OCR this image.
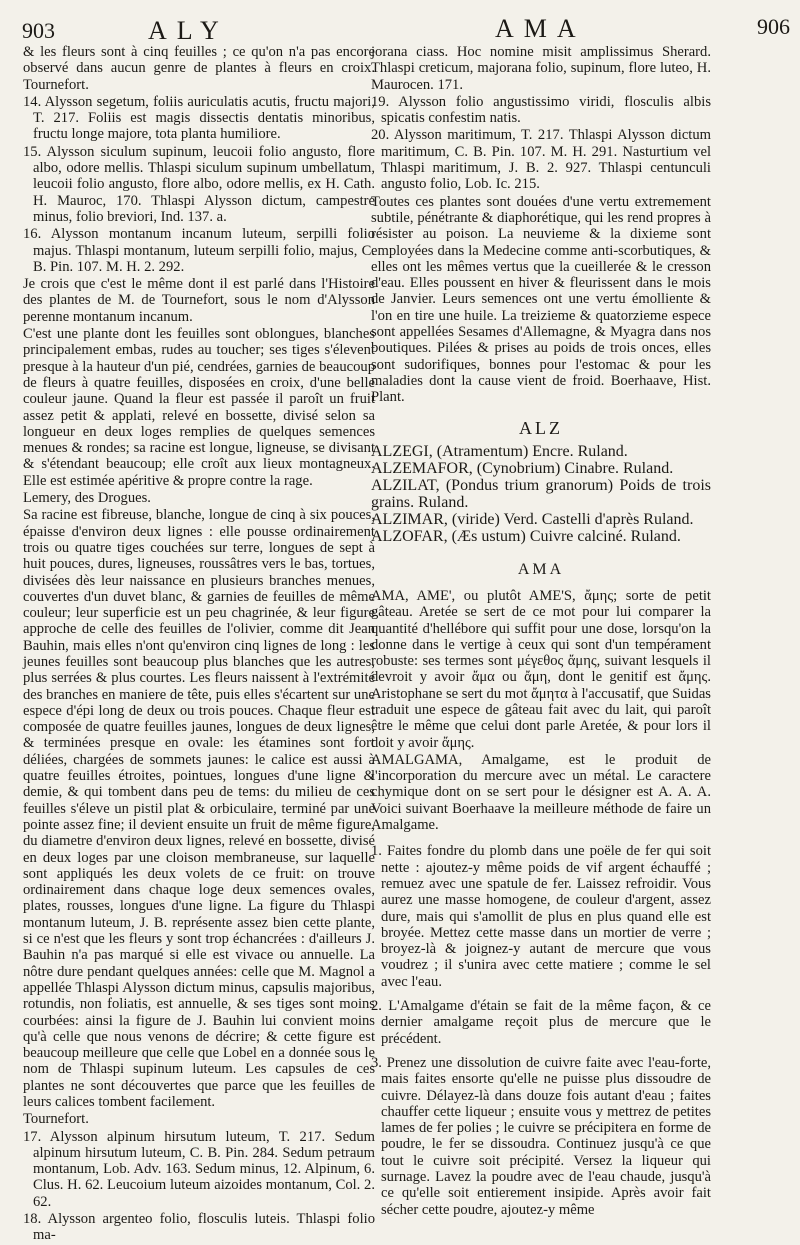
903	ALY	AMA	906

& les fleurs sont à cinq feuilles ; ce qu'on n'a pas encore observé dans aucun genre de plantes à fleurs en croix. Tournefort.

14. Alysson segetum, foliis auriculatis acutis, fructu majori, T. 217. Foliis est magis dissectis dentatis minoribus, fructu longe majore, tota planta humiliore.

15. Alysson siculum supinum, leucoii folio angusto, flore albo, odore mellis. Thlaspi siculum supinum umbellatum, leucoii folio angusto, flore albo, odore mellis, ex H. Cath. H. Mauroc, 170. Thlaspi Alysson dictum, campestre minus, folio breviori, Ind. 137. a.

16. Alysson montanum incanum luteum, serpilli folio majus. Thlaspi montanum, luteum serpilli folio, majus, C. B. Pin. 107. M. H. 2. 292.

Je crois que c'est le même dont il est parlé dans l'Histoire des plantes de M. de Tournefort, sous le nom d'Alysson perenne montanum incanum.

C'est une plante dont les feuilles sont oblongues, blanches principalement embas, rudes au toucher; ses tiges s'élevent presque à la hauteur d'un pié, cendrées, garnies de beaucoup de fleurs à quatre feuilles, disposées en croix, d'une belle couleur jaune. Quand la fleur est passée il paroît un fruit assez petit & applati, relevé en bossette, divisé selon sa longueur en deux loges remplies de quelques semences menues & rondes; sa racine est longue, ligneuse, se divisant & s'étendant beaucoup; elle croît aux lieux montagneux. Elle est estimée apéritive & propre contre la rage.

Lemery, des Drogues.

Sa racine est fibreuse, blanche, longue de cinq à six pouces, épaisse d'environ deux lignes : elle pousse ordinairement trois ou quatre tiges couchées sur terre, longues de sept à huit pouces, dures, ligneuses, roussâtres vers le bas, tortues, divisées dès leur naissance en plusieurs branches menues, couvertes d'un duvet blanc, & garnies de feuilles de même couleur; leur superficie est un peu chagrinée, & leur figure approche de celle des feuilles de l'olivier, comme dit Jean Bauhin, mais elles n'ont qu'environ cinq lignes de long : les jeunes feuilles sont beaucoup plus blanches que les autres, plus serrées & plus courtes. Les fleurs naissent à l'extrémité des branches en maniere de tête, puis elles s'écartent sur une espece d'épi long de deux ou trois pouces. Chaque fleur est composée de quatre feuilles jaunes, longues de deux lignes, & terminées presque en ovale: les étamines sont fort déliées, chargées de sommets jaunes: le calice est aussi à quatre feuilles étroites, pointues, longues d'une ligne & demie, & qui tombent dans peu de tems: du milieu de ces feuilles s'éleve un pistil plat & orbiculaire, terminé par une pointe assez fine; il devient ensuite un fruit de même figure, du diametre d'environ deux lignes, relevé en bossette, divisé en deux loges par une cloison membraneuse, sur laquelle sont appliqués les deux volets de ce fruit: on trouve ordinairement dans chaque loge deux semences ovales, plates, rousses, longues d'une ligne. La figure du Thlaspi montanum luteum, J. B. représente assez bien cette plante, si ce n'est que les fleurs y sont trop échancrées : d'ailleurs J. Bauhin n'a pas marqué si elle est vivace ou annuelle. La nôtre dure pendant quelques années: celle que M. Magnol a appellée Thlaspi Alysson dictum minus, capsulis majoribus, rotundis, non foliatis, est annuelle, & ses tiges sont moins courbées: ainsi la figure de J. Bauhin lui convient moins qu'à celle que nous venons de décrire; & cette figure est beaucoup meilleure que celle que Lobel en a donnée sous le nom de Thlaspi supinum luteum. Les capsules de ces plantes ne sont découvertes que parce que les feuilles de leurs calices tombent facilement.

Tournefort.

17. Alysson alpinum hirsutum luteum, T. 217. Sedum alpinum hirsutum luteum, C. B. Pin. 284. Sedum petraum montanum, Lob. Adv. 163. Sedum minus, 12. Alpinum, 6. Clus. H. 62. Leucoium luteum aizoides montanum, Col. 2. 62.

18. Alysson argenteo folio, flosculis luteis. Thlaspi folio ma-

jorana ciass. Hoc nomine misit amplissimus Sherard. Thlaspi creticum, majorana folio, supinum, flore luteo, H. Maurocen. 171.

19. Alysson folio angustissimo viridi, flosculis albis spicatis confestim natis.

20. Alysson maritimum, T. 217. Thlaspi Alysson dictum maritimum, C. B. Pin. 107. M. H. 291. Nasturtium vel Thlaspi maritimum, J. B. 2. 927. Thlaspi centunculi angusto folio, Lob. Ic. 215.

Toutes ces plantes sont douées d'une vertu extremement subtile, pénétrante & diaphorétique, qui les rend propres à résister au poison. La neuvieme & la dixieme sont employées dans la Medecine comme anti-scorbutiques, & elles ont les mêmes vertus que la cueillerée & le cresson d'eau. Elles poussent en hiver & fleurissent dans le mois de Janvier. Leurs semences ont une vertu émolliente & l'on en tire une huile. La treizieme & quatorzieme espece sont appellées Sesames d'Allemagne, & Myagra dans nos boutiques. Pilées & prises au poids de trois onces, elles sont sudorifiques, bonnes pour l'estomac & pour les maladies dont la cause vient de froid. Boerhaave, Hist. Plant.

ALZ

ALZEGI, (Atramentum) Encre. Ruland.

ALZEMAFOR, (Cynobrium) Cinabre. Ruland.

ALZILAT, (Pondus trium granorum) Poids de trois grains. Ruland.

ALZIMAR, (viride) Verd. Castelli d'après Ruland.

ALZOFAR, (Æs ustum) Cuivre calciné. Ruland.

AMA

AMA, AME', ou plutôt AME'S, ἄμης; sorte de petit gâteau. Aretée se sert de ce mot pour lui comparer la quantité d'hellébore qui suffit pour une dose, lorsqu'on la donne dans le vertige à ceux qui sont d'un tempérament robuste: ses termes sont μέγεθος ἄμης, suivant lesquels il devroit y avoir ἄμα ou ἄμη, dont le genitif est ἄμης. Aristophane se sert du mot ἄμητα à l'accusatif, que Suidas traduit une espece de gâteau fait avec du lait, qui paroît être le même que celui dont parle Aretée, & pour lors il doit y avoir ἄμης.

AMALGAMA, Amalgame, est le produit de l'incorporation du mercure avec un métal. Le caractere chymique dont on se sert pour le désigner est A. A. A. Voici suivant Boerhaave la meilleure méthode de faire un Amalgame.

1. Faites fondre du plomb dans une poële de fer qui soit nette : ajoutez-y même poids de vif argent échauffé ; remuez avec une spatule de fer. Laissez refroidir. Vous aurez une masse homogene, de couleur d'argent, assez dure, mais qui s'amollit de plus en plus quand elle est broyée. Mettez cette masse dans un mortier de verre ; broyez-là & joignez-y autant de mercure que vous voudrez ; il s'unira avec cette matiere ; comme le sel avec l'eau.

2. L'Amalgame d'étain se fait de la même façon, & ce dernier amalgame reçoit plus de mercure que le précédent.

3. Prenez une dissolution de cuivre faite avec l'eau-forte, mais faites ensorte qu'elle ne puisse plus dissoudre de cuivre. Délayez-là dans douze fois autant d'eau ; faites chauffer cette liqueur ; ensuite vous y mettrez de petites lames de fer polies ; le cuivre se précipitera en forme de poudre, le fer se dissoudra. Continuez jusqu'à ce que tout le cuivre soit précipité. Versez la liqueur qui surnage. Lavez la poudre avec de l'eau chaude, jusqu'à ce qu'elle soit entierement insipide. Après avoir fait sécher cette poudre, ajoutez-y même
